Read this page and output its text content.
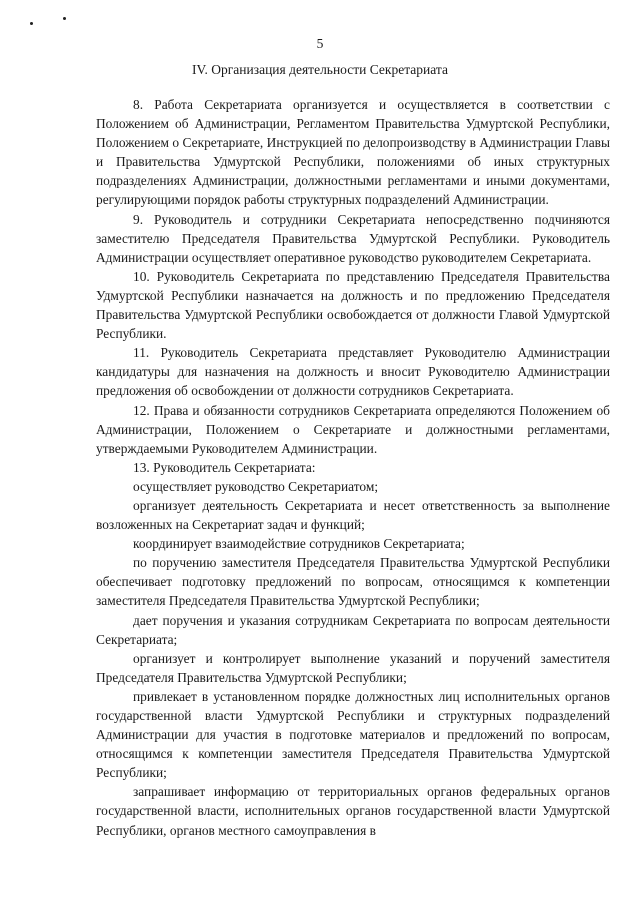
5
IV. Организация деятельности Секретариата

8. Работа Секретариата организуется и осуществляется в соответствии с Положением об Администрации, Регламентом Правительства Удмуртской Республики, Положением о Секретариате, Инструкцией по делопроизводству в Администрации Главы и Правительства Удмуртской Республики, положениями об иных структурных подразделениях Администрации, должностными регламентами и иными документами, регулирующими порядок работы структурных подразделений Администрации.

9. Руководитель и сотрудники Секретариата непосредственно подчиняются заместителю Председателя Правительства Удмуртской Республики. Руководитель Администрации осуществляет оперативное руководство руководителем Секретариата.

10. Руководитель Секретариата по представлению Председателя Правительства Удмуртской Республики назначается на должность и по предложению Председателя Правительства Удмуртской Республики освобождается от должности Главой Удмуртской Республики.

11. Руководитель Секретариата представляет Руководителю Администрации кандидатуры для назначения на должность и вносит Руководителю Администрации предложения об освобождении от должности сотрудников Секретариата.

12. Права и обязанности сотрудников Секретариата определяются Положением об Администрации, Положением о Секретариате и должностными регламентами, утверждаемыми Руководителем Администрации.

13. Руководитель Секретариата:

осуществляет руководство Секретариатом;

организует деятельность Секретариата и несет ответственность за выполнение возложенных на Секретариат задач и функций;

координирует взаимодействие сотрудников Секретариата;

по поручению заместителя Председателя Правительства Удмуртской Республики обеспечивает подготовку предложений по вопросам, относящимся к компетенции заместителя Председателя Правительства Удмуртской Республики;

дает поручения и указания сотрудникам Секретариата по вопросам деятельности Секретариата;

организует и контролирует выполнение указаний и поручений заместителя Председателя Правительства Удмуртской Республики;

привлекает в установленном порядке должностных лиц исполнительных органов государственной власти Удмуртской Республики и структурных подразделений Администрации для участия в подготовке материалов и предложений по вопросам, относящимся к компетенции заместителя Председателя Правительства Удмуртской Республики;

запрашивает информацию от территориальных органов федеральных органов государственной власти, исполнительных органов государственной власти Удмуртской Республики, органов местного самоуправления в
